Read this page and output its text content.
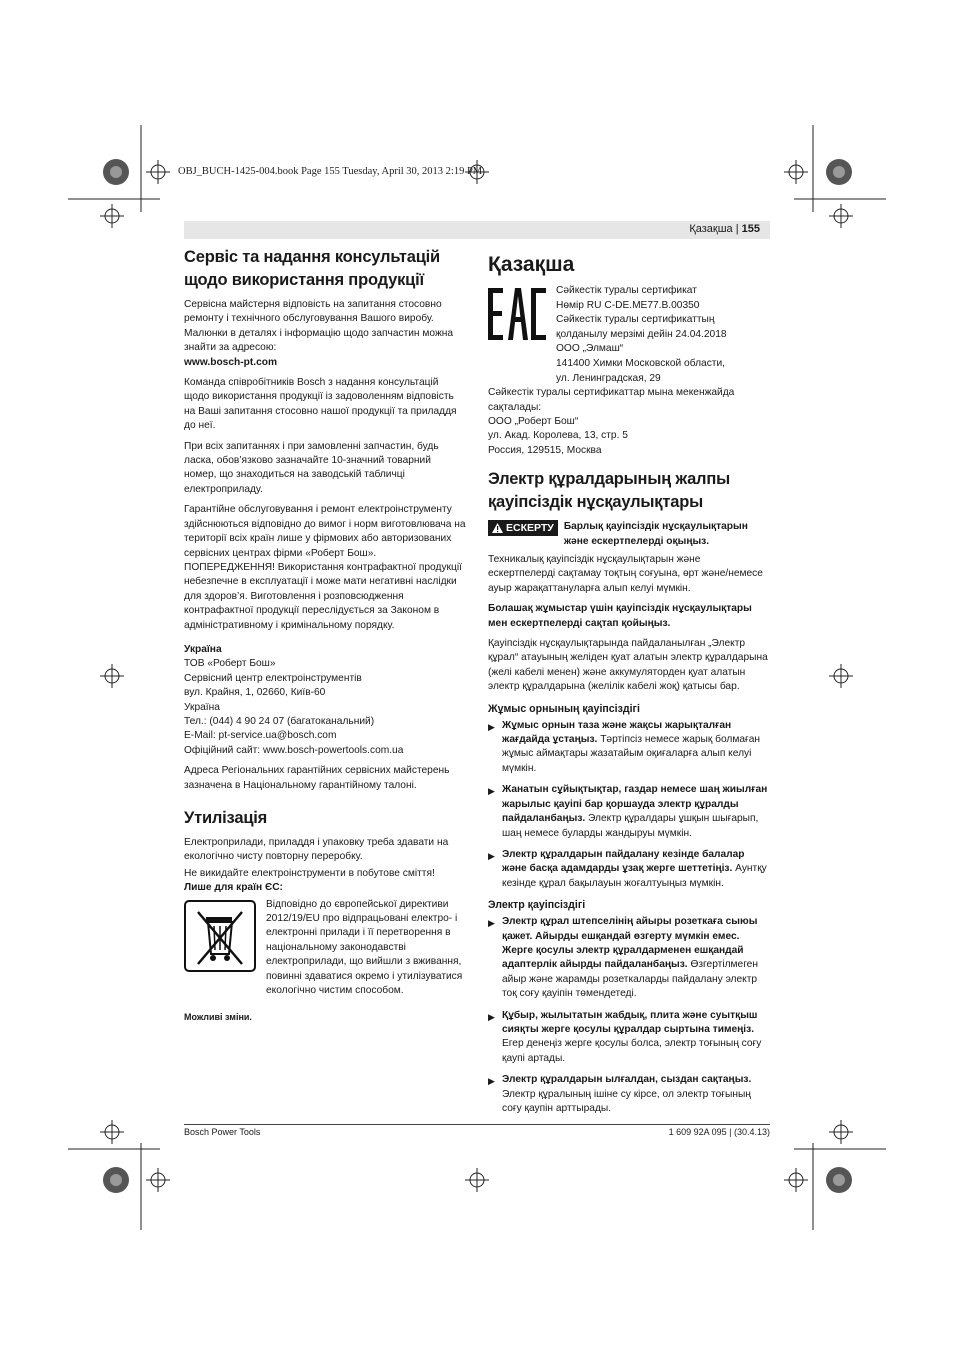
OBJ_BUCH-1425-004.book Page 155 Tuesday, April 30, 2013 2:19 PM
Қазақша | 155
Сервіс та надання консультацій щодо використання продукції

Сервісна майстерня відповість на запитання стосовно ремонту і технічного обслуговування Вашого виробу. Малюнки в деталях і інформацію щодо запчастин можна знайти за адресою:

www.bosch-pt.com

Команда співробітників Bosch з надання консультацій щодо використання продукції із задоволенням відповість на Ваші запитання стосовно нашої продукції та приладдя до неї.

При всіх запитаннях і при замовленні запчастин, будь ласка, обов’язково зазначайте 10-значний товарний номер, що знаходиться на заводській табличці електроприладу.

Гарантійне обслуговування і ремонт електроінструменту здійснюються відповідно до вимог і норм виготовлювача на території всіх країн лише у фірмових або авторизованих сервісних центрах фірми «Роберт Бош». ПОПЕРЕДЖЕННЯ! Використання контрафактної продукції небезпечне в експлуатації і може мати негативні наслідки для здоров’я. Виготовлення і розповсюдження контрафактної продукції переслідується за Законом в адміністративному і кримінальному порядку.

Україна

ТОВ «Роберт Бош»
Сервісний центр електроінструментів
вул. Крайня, 1, 02660, Київ-60
Україна
Тел.: (044) 4 90 24 07 (багатоканальний)
E-Mail: pt-service.ua@bosch.com
Офіційний сайт: www.bosch-powertools.com.ua

Адреса Регіональних гарантійних сервісних майстерень зазначена в Національному гарантійному талоні.

Утилізація

Електроприлади, приладдя і упаковку треба здавати на екологічно чисту повторну переробку.

Не викидайте електроінструменти в побутове сміття!

Лише для країн ЄС:

Відповідно до європейської директиви 2012/19/EU про відпрацьовані електро- і електронні прилади і її перетворення в національному законодавстві електроприлади, що вийшли з вживання, повинні здаватися окремо і утилізуватися екологічно чистим способом.

Можливі зміни.

Қазақша
Сәйкестік туралы сертификат
Нөмір RU C-DE.ME77.B.00350
Сәйкестік туралы сертификаттың
қолданылу мерзімі дейін 24.04.2018
ООО „Элмаш“
141400 Химки Московской области,
ул. Ленинградская, 29
Сәйкестік туралы сертификаттар мына мекенжайда сақталады:
ООО „Роберт Бош“
ул. Акад. Королева, 13, стр. 5
Россия, 129515, Москва
Электр құралдарының жалпы қауіпсіздік нұсқаулықтары
ЕСКЕРТУ Барлық қауіпсіздік нұсқаулықтарын және ескертпелерді оқыңыз.

Техникалық қауіпсіздік нұсқаулықтарын және ескертпелерді сақтамау тоқтың соғуына, өрт және/немесе ауыр жарақаттануларға алып келуі мүмкін.

Болашақ жұмыстар үшін қауіпсіздік нұсқаулықтары мен ескертпелерді сақтап қойыңыз.

Қауіпсіздік нұсқаулықтарында пайдаланылған „Электр құрал“ атауының желіден қуат алатын электр құралдарына (желі кабелі менен) және аккумуляторден қуат алатын электр құралдарына (желілік кабелі жоқ) қатысы бар.

Жұмыс орнының қауіпсіздігі
▶ Жұмыс орнын таза және жақсы жарықталған жағдайда ұстаңыз. Тәртіпсіз немесе жарық болмаған жұмыс аймақтары жазатайым оқиғаларға алып келуі мүмкін.
▶ Жанатын сұйықтықтар, газдар немесе шаң жиылған жарылыс қауіпі бар қоршауда электр құралды пайдаланбаңыз. Электр құралдары ұшқын шығарып, шаң немесе буларды жандыруы мүмкін.
▶ Электр құралдарын пайдалану кезінде балалар және басқа адамдарды ұзақ жерге шеттетіңіз. Аунтқу кезінде құрал бақылауын жоғалтуыңыз мүмкін.
Электр қауіпсіздігі
▶ Электр құрал штепселінің айыры розеткаға сыюы қажет. Айырды ешқандай өзгерту мүмкін емес. Жерге қосулы электр құралдарменен ешқандай адаптерлік айырды пайдаланбаңыз. Өзгертілмеген айыр және жарамды розеткаларды пайдалану электр тоқ соғу қауіпін төмендетеді.
▶ Құбыр, жылытатын жабдық, плита және суытқыш сияқты жерге қосулы құралдар сыртына тимеңіз. Егер денеңіз жерге қосулы болса, электр тоғының соғу қаупі артады.
▶ Электр құралдарын ылғалдан, сыздан сақтаңыз. Электр құралының ішіне су кірсе, ол электр тоғының соғу қаупін арттырады.
Bosch Power Tools	1 609 92A 095 | (30.4.13)
